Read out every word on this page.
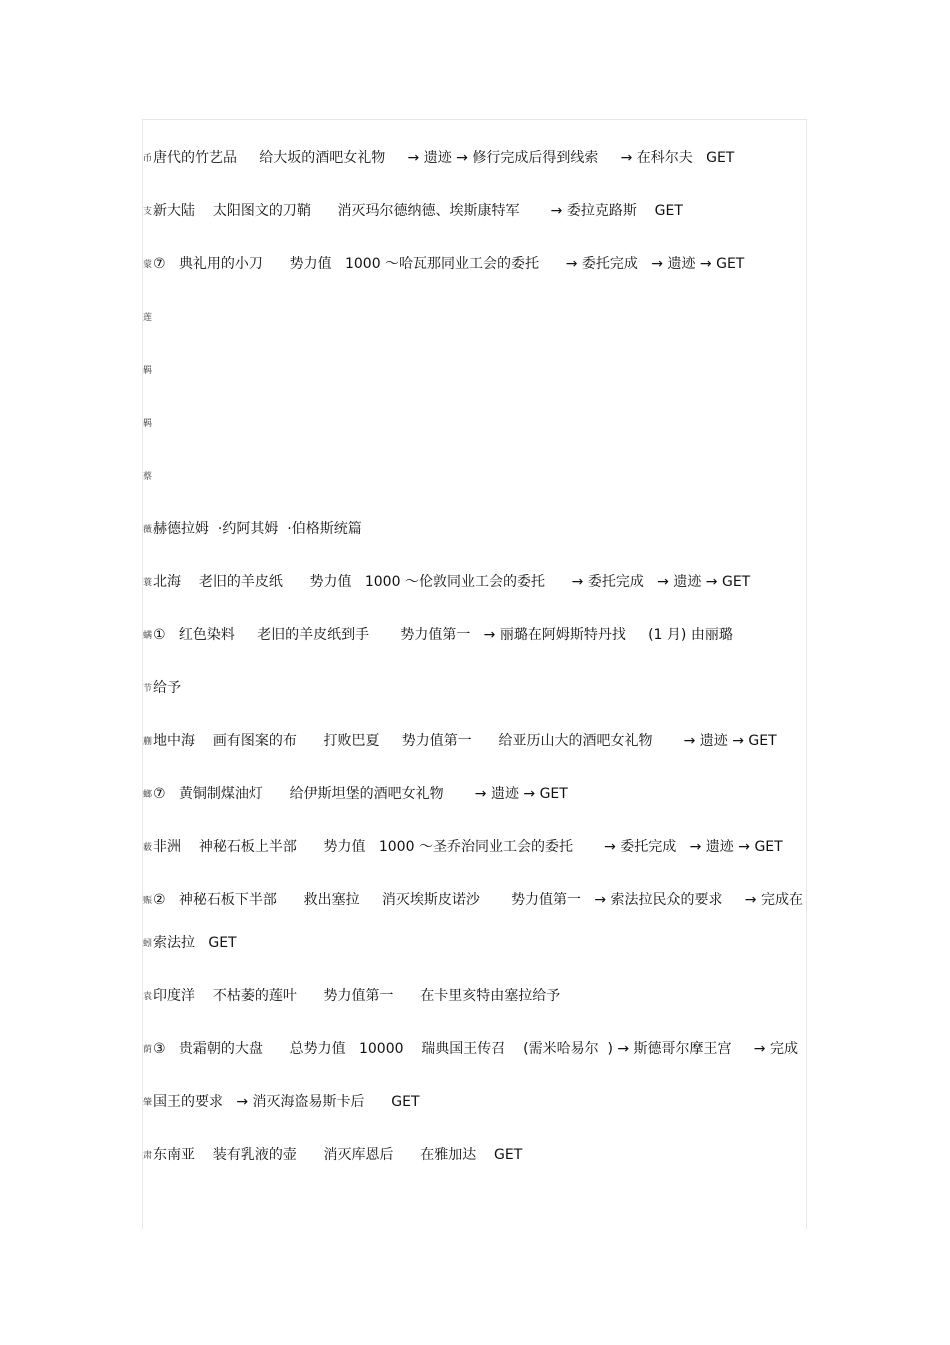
币唐代的竹艺品     给大坂的酒吧女礼物     → 遗迹 → 修行完成后得到线索     → 在科尔夫   GET
支新大陆    太阳图文的刀鞘      消灭玛尔德纳德、埃斯康特军       → 委拉克路斯    GET
蒙⑦   典礼用的小刀      势力值   1000 ～哈瓦那同业工会的委托      → 委托完成   → 遗迹 → GET
莲
羁
羁
蔡
薇赫德拉姆  ·约阿其姆  ·伯格斯统篇
蓑北海    老旧的羊皮纸      势力值   1000 ～伦敦同业工会的委托      → 委托完成   → 遗迹 → GET
螨①   红色染料     老旧的羊皮纸到手       势力值第一   → 丽璐在阿姆斯特丹找     (1 月) 由丽璐
节给予
蒯地中海    画有图案的布      打败巴夏     势力值第一      给亚历山大的酒吧女礼物       → 遗迹 → GET
螂⑦   黄铜制煤油灯      给伊斯坦堡的酒吧女礼物       → 遗迹 → GET
薮非洲    神秘石板上半部      势力值   1000 ～圣乔治同业工会的委托       → 委托完成   → 遗迹 → GET
赈②   神秘石板下半部      救出塞拉     消灭埃斯皮诺沙       势力值第一   → 索法拉民众的要求     → 完成在
蚓索法拉   GET
袁印度洋    不枯萎的莲叶      势力值第一      在卡里亥特由塞拉给予
荫③   贵霜朝的大盘      总势力值   10000    瑞典国王传召    (需米哈易尔  ) → 斯德哥尔摩王宫     → 完成
肇国王的要求   → 消灭海盗易斯卡后      GET
肃东南亚    装有乳液的壶      消灭库恩后      在雅加达    GET
